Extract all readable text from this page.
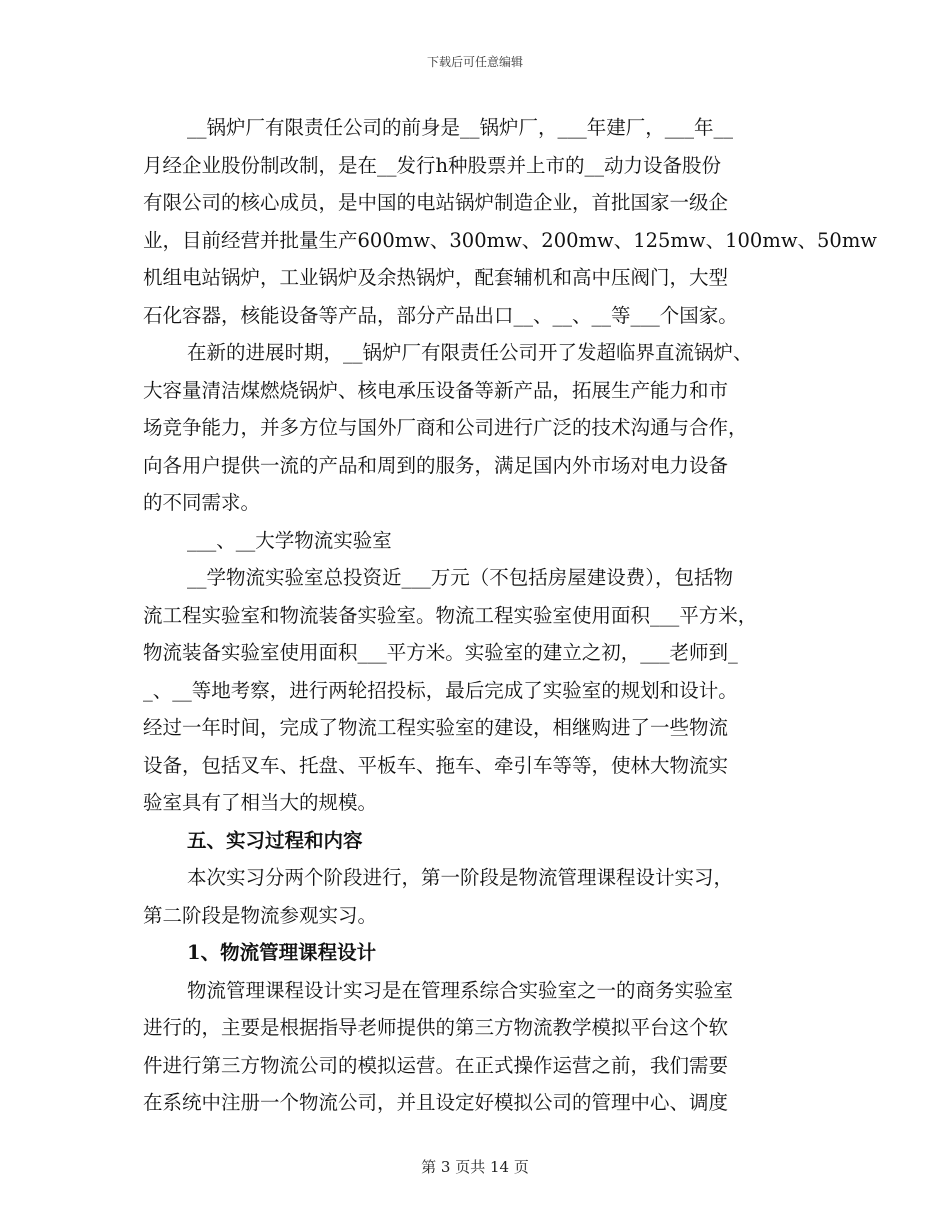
下载后可任意编辑
__锅炉厂有限责任公司的前身是__锅炉厂，___年建厂，___年__
月经企业股份制改制，是在__发行h种股票并上市的__动力设备股份
有限公司的核心成员，是中国的电站锅炉制造企业，首批国家一级企
业，目前经营并批量生产600mw、300mw、200mw、125mw、100mw、50mw
机组电站锅炉，工业锅炉及余热锅炉，配套辅机和高中压阀门，大型
石化容器，核能设备等产品，部分产品出口__、__、__等___个国家。
在新的进展时期，__锅炉厂有限责任公司开了发超临界直流锅炉、
大容量清洁煤燃烧锅炉、核电承压设备等新产品，拓展生产能力和市
场竞争能力，并多方位与国外厂商和公司进行广泛的技术沟通与合作，
向各用户提供一流的产品和周到的服务，满足国内外市场对电力设备
的不同需求。
___、__大学物流实验室
__学物流实验室总投资近___万元（不包括房屋建设费），包括物
流工程实验室和物流装备实验室。物流工程实验室使用面积___平方米，
物流装备实验室使用面积___平方米。实验室的建立之初，___老师到_
_、__等地考察，进行两轮招投标，最后完成了实验室的规划和设计。
经过一年时间，完成了物流工程实验室的建设，相继购进了一些物流
设备，包括叉车、托盘、平板车、拖车、牵引车等等，使林大物流实
验室具有了相当大的规模。
五、实习过程和内容
本次实习分两个阶段进行，第一阶段是物流管理课程设计实习，
第二阶段是物流参观实习。
1、物流管理课程设计
物流管理课程设计实习是在管理系综合实验室之一的商务实验室
进行的，主要是根据指导老师提供的第三方物流教学模拟平台这个软
件进行第三方物流公司的模拟运营。在正式操作运营之前，我们需要
在系统中注册一个物流公司，并且设定好模拟公司的管理中心、调度
第 3 页共 14 页
